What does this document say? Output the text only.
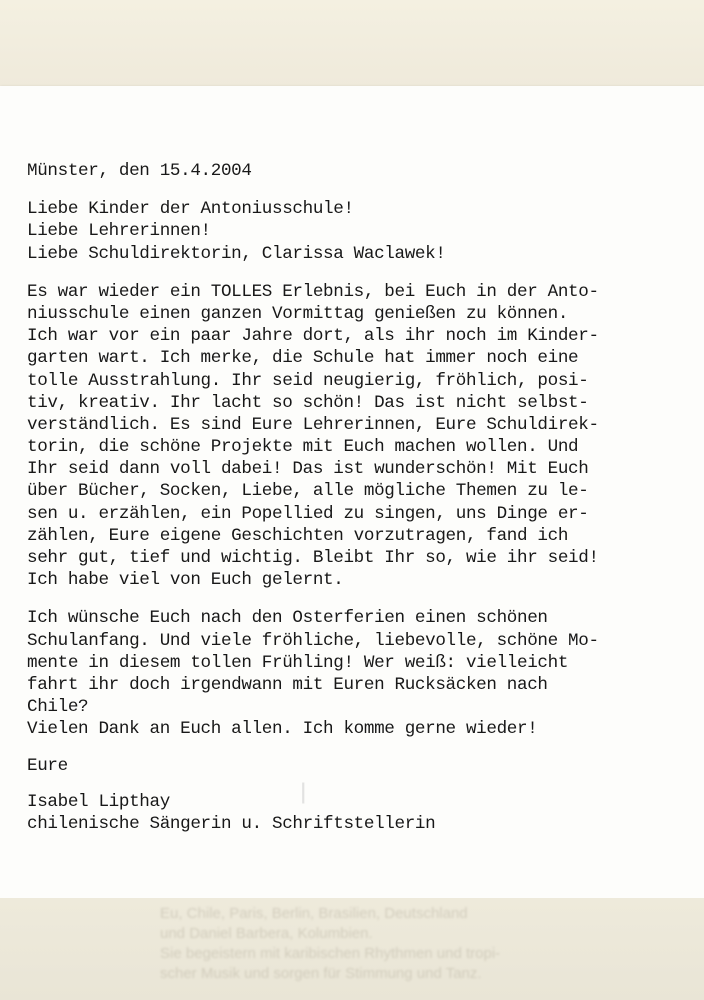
Eu, Chile, Paris, Berlin, Brasilien, Deutschland
und Daniel Barbera, Kolumbien.
Sie begeistern mit karibischen Rhythmen und tropi-
scher Musik und sorgen für Stimmung und Tanz.
ǀ
Münster, den 15.4.2004
Liebe Kinder der Antoniusschule!
Liebe Lehrerinnen!
Liebe Schuldirektorin, Clarissa Waclawek!
Es war wieder ein TOLLES Erlebnis, bei Euch in der Anto-
niusschule einen ganzen Vormittag genießen zu können.
Ich war vor ein paar Jahre dort, als ihr noch im Kinder-
garten wart. Ich merke, die Schule hat immer noch eine
tolle Ausstrahlung. Ihr seid neugierig, fröhlich, posi-
tiv, kreativ. Ihr lacht so schön! Das ist nicht selbst-
verständlich. Es sind Eure Lehrerinnen, Eure Schuldirek-
torin, die schöne Projekte mit Euch machen wollen. Und
Ihr seid dann voll dabei! Das ist wunderschön! Mit Euch
über Bücher, Socken, Liebe, alle mögliche Themen zu le-
sen u. erzählen, ein Popellied zu singen, uns Dinge er-
zählen, Eure eigene Geschichten vorzutragen, fand ich
sehr gut, tief und wichtig. Bleibt Ihr so, wie ihr seid!
Ich habe viel von Euch gelernt.
Ich wünsche Euch nach den Osterferien einen schönen
Schulanfang. Und viele fröhliche, liebevolle, schöne Mo-
mente in diesem tollen Frühling! Wer weiß: vielleicht
fahrt ihr doch irgendwann mit Euren Rucksäcken nach
Chile?
Vielen Dank an Euch allen. Ich komme gerne wieder!
Eure
Isabel Lipthay
chilenische Sängerin u. Schriftstellerin
